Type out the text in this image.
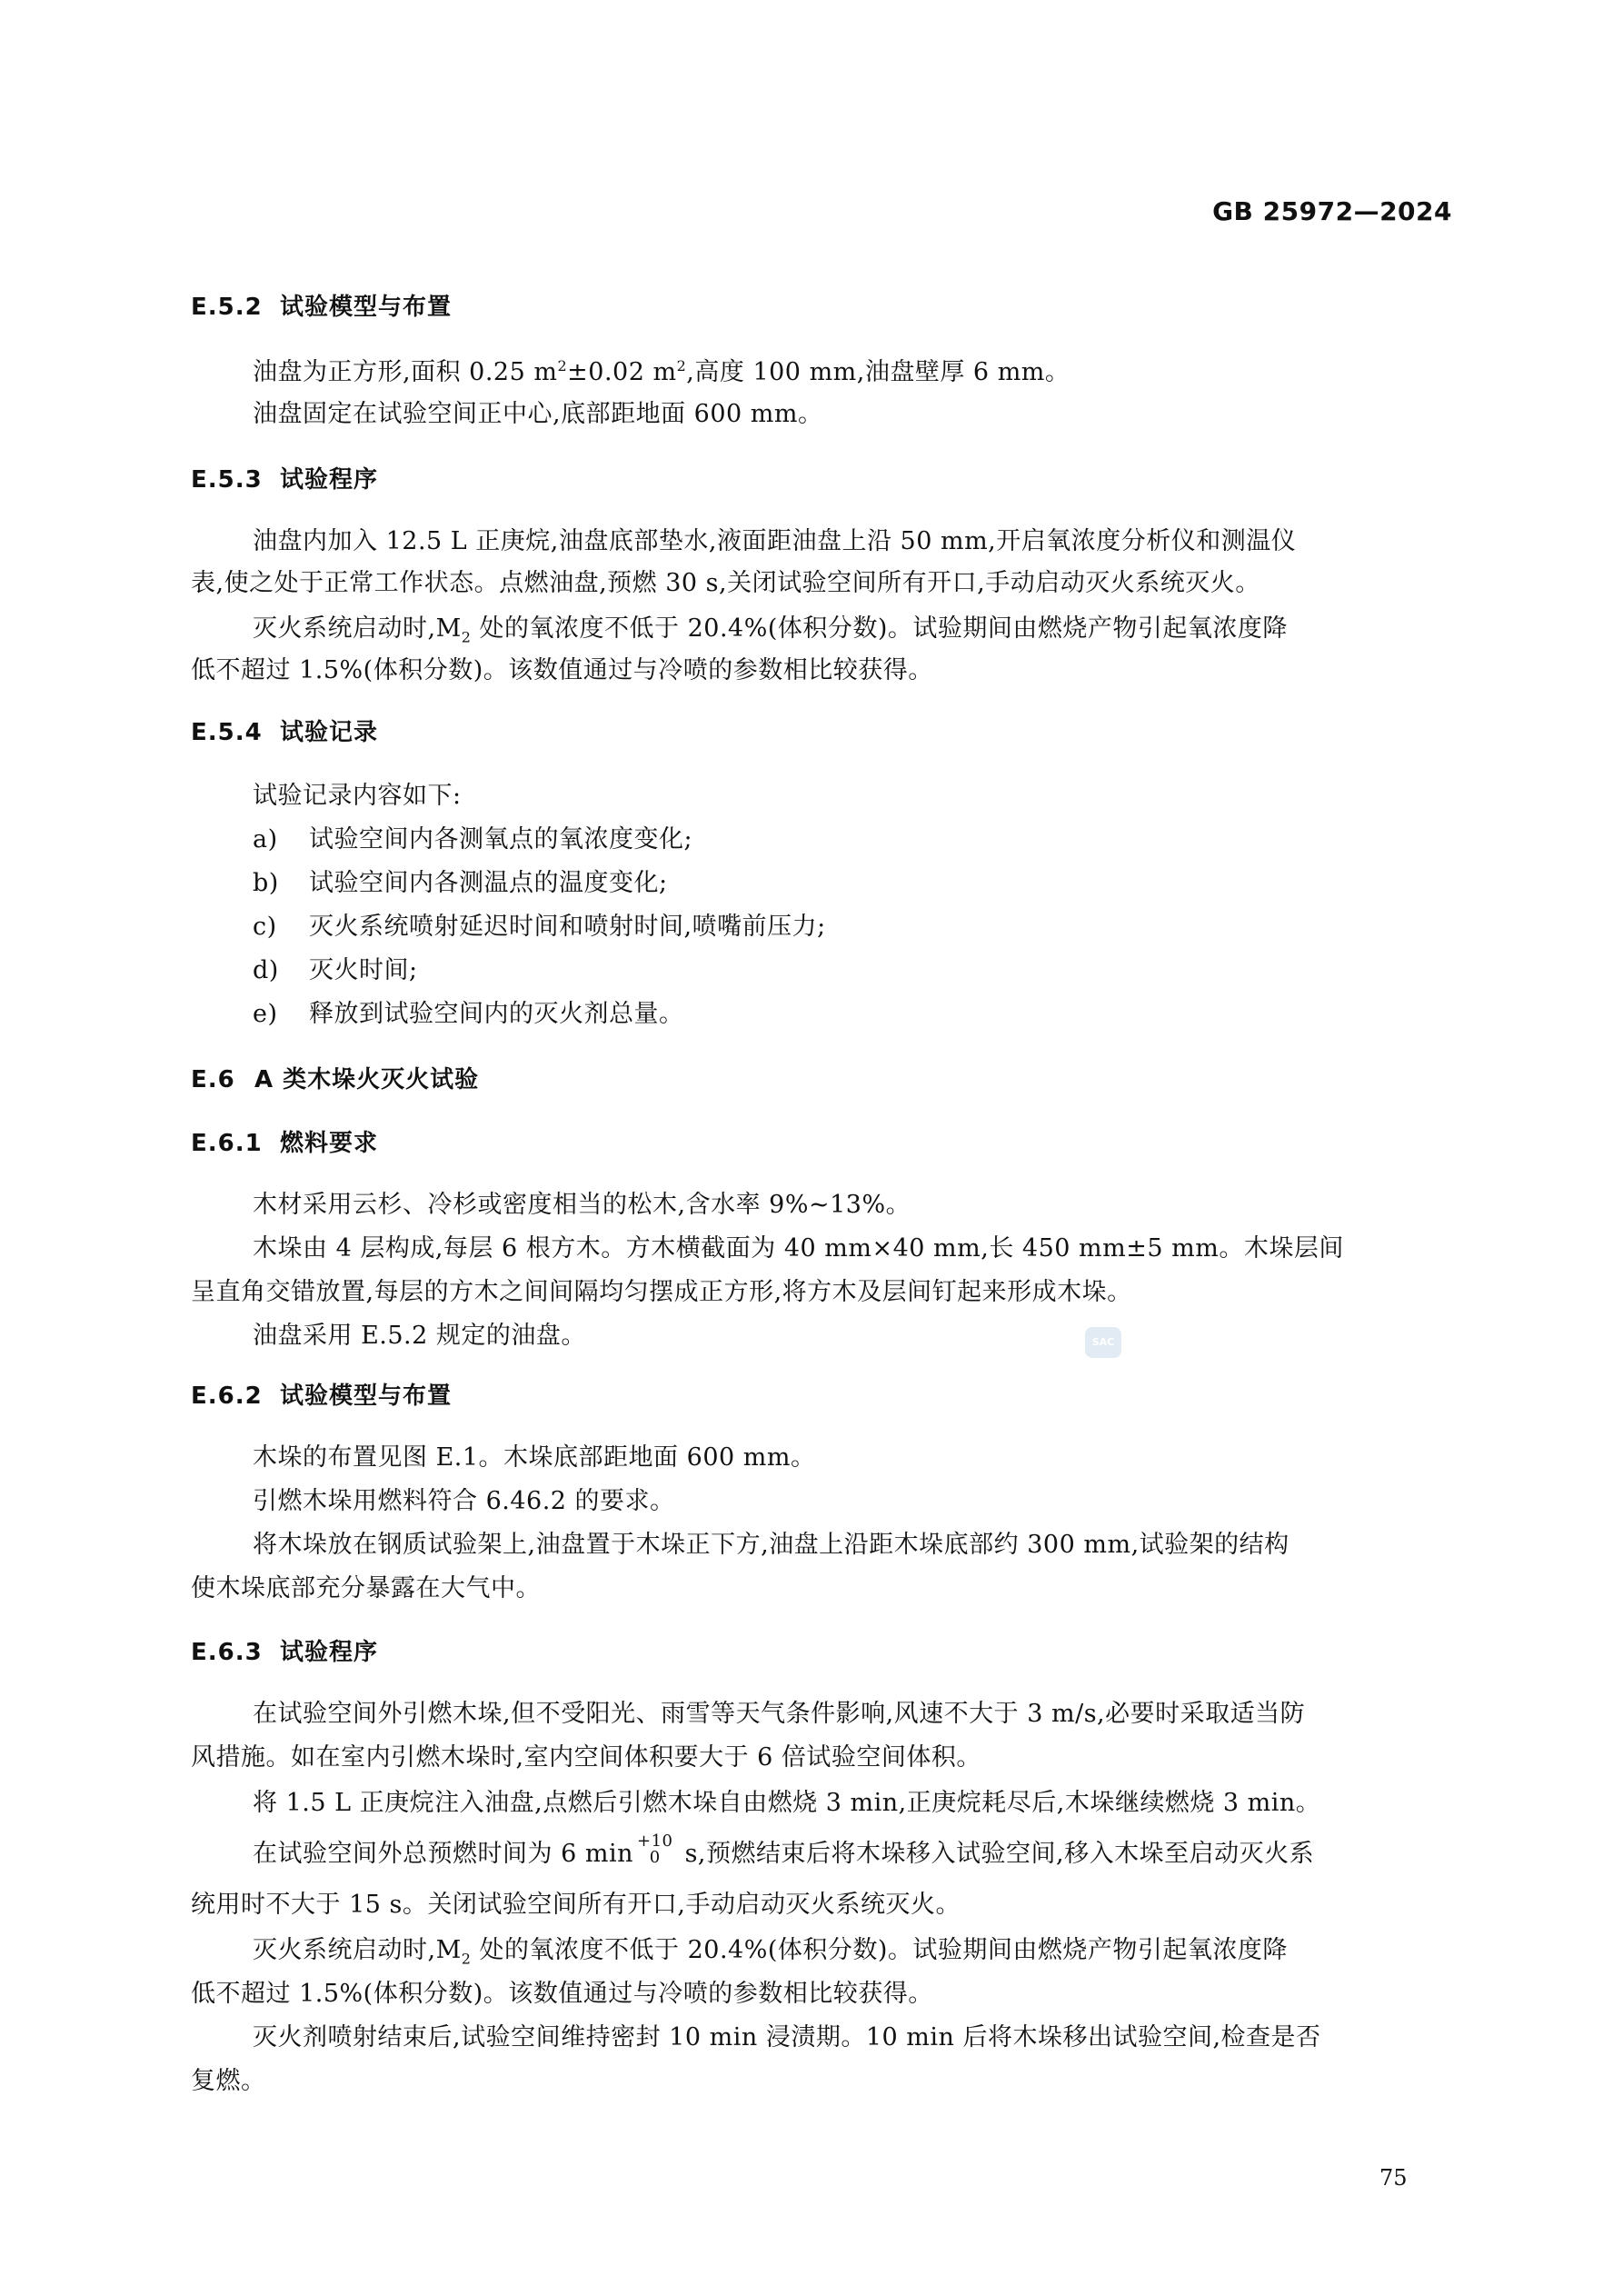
GB 25972—2024
E.5.2 试验模型与布置
油盘为正方形,面积 0.25 $m^2\pm 0.02$ $m^2$,高度 100 mm,油盘壁厚 6 mm。
油盘固定在试验空间正中心,底部距地面 600 mm。
E.5.3 试验程序
油盘内加入 12.5 L 正庚烷,油盘底部垫水,液面距油盘上沿 50 mm,开启氧浓度分析仪和测温仪
表,使之处于正常工作状态。点燃油盘,预燃 30 s,关闭试验空间所有开口,手动启动灭火系统灭火。
灭火系统启动时$,M_2$ 处的氧浓度不低于 20.4%(体积分数)。试验期间由燃烧产物引起氧浓度降
低不超过 1.5%(体积分数)。该数值通过与冷喷的参数相比较获得。
E.5.4 试验记录
试验记录内容如下:
a) 试验空间内各测氧点的氧浓度变化;
b) 试验空间内各测温点的温度变化;
c) 灭火系统喷射延迟时间和喷射时间,喷嘴前压力;
d) 灭火时间;
e) 释放到试验空间内的灭火剂总量。
E.6 A 类木垛火灭火试验
E.6.1 燃料要求
木材采用云杉、冷杉或密度相当的松木,含水率 9%~13%。
木垛由 4 层构成,每层 6 根方木。方木横截面为 40 mm×40 mm,长 450 mm±5 mm。木垛层间
呈直角交错放置,每层的方木之间间隔均匀摆成正方形,将方木及层间钉起来形成木垛。
油盘采用 E.5.2 规定的油盘。	SAC
E.6.2 试验模型与布置
木垛的布置见图 E.1。木垛底部距地面 600 mm。
引燃木垛用燃料符合 6.46.2 的要求。
将木垛放在钢质试验架上,油盘置于木垛正下方,油盘上沿距木垛底部约 300 mm,试验架的结构
使木垛底部充分暴露在大气中。
E.6.3 试验程序
在试验空间外引燃木垛,但不受阳光、雨雪等天气条件影响,风速不大于 3 m/s,必要时采取适当防
风措施。如在室内引燃木垛时,室内空间体积要大于 6 倍试验空间体积。
将 1.5 L 正庚烷注入油盘,点燃后引燃木垛自由燃烧 3 min,正庚烷耗尽后,木垛继续燃烧 3 min。
在试验空间外总预燃时间为 6 min +10
0 s,预燃结束后将木垛移入试验空间,移入木垛至启动灭火系
统用时不大于 15 s。关闭试验空间所有开口,手动启动灭火系统灭火。
灭火系统启动时$,M_2$ 处的氧浓度不低于 20.4%(体积分数)。试验期间由燃烧产物引起氧浓度降
低不超过 1.5%(体积分数)。该数值通过与冷喷的参数相比较获得。
灭火剂喷射结束后,试验空间维持密封 10 min 浸渍期。10 min 后将木垛移出试验空间,检查是否
复燃。
75
